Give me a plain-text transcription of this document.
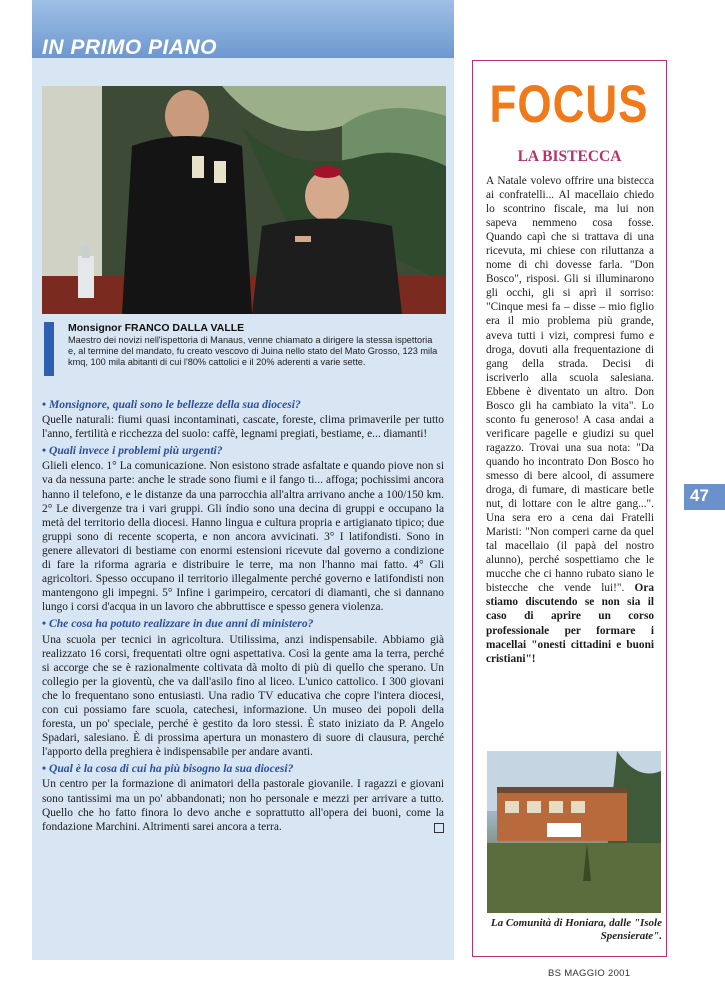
IN PRIMO PIANO
Monsignor FRANCO DALLA VALLE
Maestro dei novizi nell'ispettoria di Manaus, venne chiamato a dirigere la stessa ispettoria e, al termine del mandato, fu creato vescovo di Juina nello stato del Mato Grosso, 123 mila kmq, 100 mila abitanti di cui l'80% cattolici e il 20% aderenti a varie sette.
• Monsignore, quali sono le bellezze della sua diocesi?

Quelle naturali: fiumi quasi incontaminati, cascate, foreste, clima primaverile per tutto l'anno, fertilità e ricchezza del suolo: caffè, legnami pregiati, bestiame, e... diamanti!

• Quali invece i problemi più urgenti?

Glieli elenco. 1° La comunicazione. Non esistono strade asfaltate e quando piove non si va da nessuna parte: anche le strade sono fiumi e il fango ti... affoga; pochissimi ancora hanno il telefono, e le distanze da una parrocchia all'altra arrivano anche a 100/150 km. 2° Le divergenze tra i vari gruppi. Gli índio sono una decina di gruppi e occupano la metà del territorio della diocesi. Hanno lingua e cultura propria e artigianato tipico; due gruppi sono di recente scoperta, e non ancora avvicinati. 3° I latifondisti. Sono in genere allevatori di bestiame con enormi estensioni ricevute dal governo a condizione di fare la riforma agraria e distribuire le terre, ma non l'hanno mai fatto. 4° Gli agricoltori. Spesso occupano il territorio illegalmente perché governo e latifondisti non mantengono gli impegni. 5° Infine i garimpeiro, cercatori di diamanti, che si dannano lungo i corsi d'acqua in un lavoro che abbruttisce e spesso genera violenza.

• Che cosa ha potuto realizzare in due anni di ministero?

Una scuola per tecnici in agricoltura. Utilissima, anzi indispensabile. Abbiamo già realizzato 16 corsi, frequentati oltre ogni aspettativa. Così la gente ama la terra, perché si accorge che se è razionalmente coltivata dà molto di più di quello che sperano. Un collegio per la gioventù, che va dall'asilo fino al liceo. L'unico cattolico. I 300 giovani che lo frequentano sono entusiasti. Una radio TV educativa che copre l'intera diocesi, con cui possiamo fare scuola, catechesi, informazione. Un museo dei popoli della foresta, un po' speciale, perché è gestito da loro stessi. È stato iniziato da P. Angelo Spadari, salesiano. È di prossima apertura un monastero di suore di clausura, perché l'apporto della preghiera è indispensabile per andare avanti.

• Qual è la cosa di cui ha più bisogno la sua diocesi?

Un centro per la formazione di animatori della pastorale giovanile. I ragazzi e giovani sono tantissimi ma un po' abbandonati; non ho personale e mezzi per arrivare a tutto. Quello che ho fatto finora lo devo anche e soprattutto all'opera dei buoni, come la fondazione Marchini. Altrimenti sarei ancora a terra.

FOCUS
LA BISTECCA
A Natale volevo offrire una bistecca ai confratelli... Al macellaio chiedo lo scontrino fiscale, ma lui non sapeva nemmeno cosa fosse. Quando capì che si trattava di una ricevuta, mi chiese con riluttanza a nome di chi dovesse farla. "Don Bosco", risposi. Gli si illuminarono gli occhi, gli si aprì il sorriso: "Cinque mesi fa – disse – mio figlio era il mio problema più grande, aveva tutti i vizi, compresi fumo e droga, dovuti alla frequentazione di gang della strada. Decisi di iscriverlo alla scuola salesiana. Ebbene è diventato un altro. Don Bosco gli ha cambiato la vita". Lo sconto fu generoso! A casa andai a verificare pagelle e giudizi su quel ragazzo. Trovai una sua nota: "Da quando ho incontrato Don Bosco ho smesso di bere alcool, di assumere droga, di fumare, di masticare betle nut, di lottare con le altre gang...". Una sera ero a cena dai Fratelli Maristi: "Non comperi carne da quel tal macellaio (il papà del nostro alunno), perché sospettiamo che le mucche che ci hanno rubato siano le bistecche che vende lui!". Ora stiamo discutendo se non sia il caso di aprire un corso professionale per formare i macellai "onesti cittadini e buoni cristiani"!
La Comunità di Honiara, dalle "Isole Spensierate".
47
BS MAGGIO 2001
